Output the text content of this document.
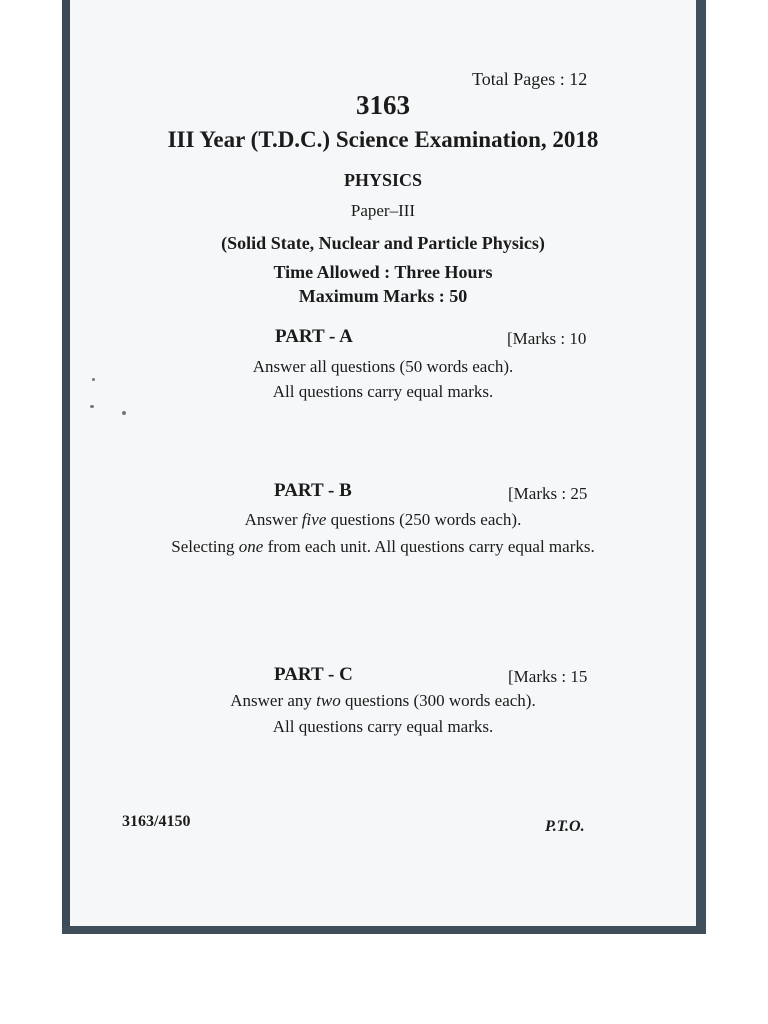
Total Pages : 12
3163
III Year (T.D.C.) Science Examination, 2018
PHYSICS
Paper–III
(Solid State, Nuclear and Particle Physics)
Time Allowed : Three Hours
Maximum Marks : 50
PART - A	[Marks : 10
Answer all questions (50 words each).
All questions carry equal marks.
PART - B	[Marks : 25
Answer five questions (250 words each).
Selecting one from each unit. All questions carry equal marks.
PART - C	[Marks : 15
Answer any two questions (300 words each).
All questions carry equal marks.
3163/4150	P.T.O.
